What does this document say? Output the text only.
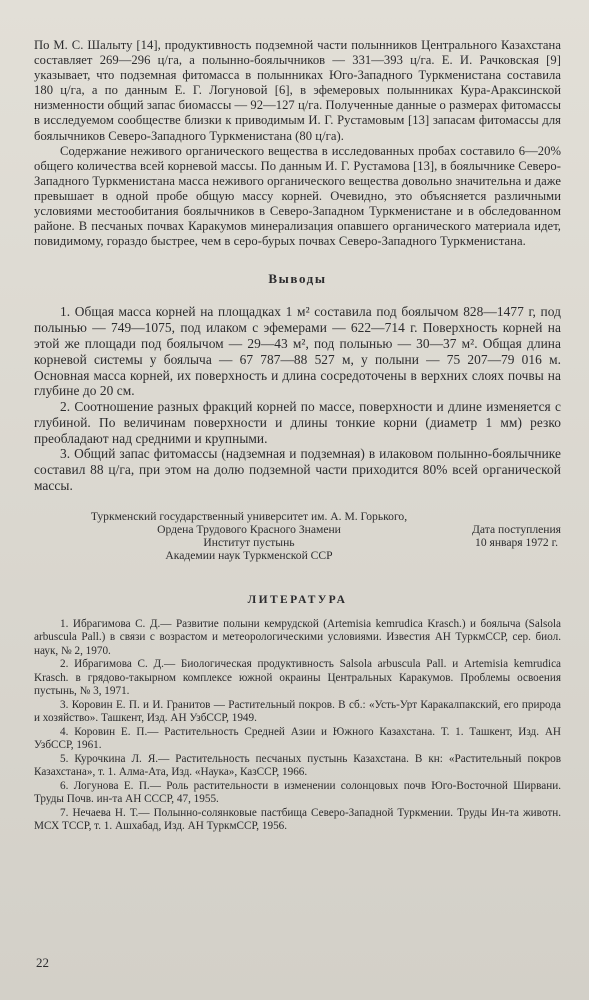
По М. С. Шалыту [14], продуктивность подземной части полынников Центрального Казахстана составляет 269—296 ц/га, а полынно-боялычников — 331—393 ц/га. Е. И. Рачковская [9] указывает, что подземная фитомасса в полынниках Юго-Западного Туркменистана составила 180 ц/га, а по данным Е. Г. Логуновой [6], в эфемеровых полынниках Кура-Араксинской низменности общий запас биомассы — 92—127 ц/га. Полученные данные о размерах фитомассы в исследуемом сообществе близки к приводимым И. Г. Рустамовым [13] запасам фитомассы для боялычников Северо-Западного Туркменистана (80 ц/га).

Содержание неживого органического вещества в исследованных пробах составило 6—20% общего количества всей корневой массы. По данным И. Г. Рустамова [13], в боялычнике Северо-Западного Туркменистана масса неживого органического вещества довольно значительна и даже превышает в одной пробе общую массу корней. Очевидно, это объясняется различными условиями местообитания боялычников в Северо-Западном Туркменистане и в обследованном районе. В песчаных почвах Каракумов минерализация опавшего органического материала идет, повидимому, гораздо быстрее, чем в серо-бурых почвах Северо-Западного Туркменистана.

Выводы

1. Общая масса корней на площадках 1 м² составила под боялычом 828—1477 г, под полынью — 749—1075, под илаком с эфемерами — 622—714 г. Поверхность корней на этой же площади под боялычом — 29—43 м², под полынью — 30—37 м². Общая длина корневой системы у боялыча — 67 787—88 527 м, у полыни — 75 207—79 016 м. Основная масса корней, их поверхность и длина сосредоточены в верхних слоях почвы на глубине до 20 см.

2. Соотношение разных фракций корней по массе, поверхности и длине изменяется с глубиной. По величинам поверхности и длины тонкие корни (диаметр 1 мм) резко преобладают над средними и крупными.

3. Общий запас фитомассы (надземная и подземная) в илаковом полынно-боялычнике составил 88 ц/га, при этом на долю подземной части приходится 80% всей органической массы.

Туркменский государственный университет им. А. М. Горького,
Ордена Трудового Красного Знамени
Институт пустынь
Академии наук Туркменской ССР
Дата поступления
10 января 1972 г.
ЛИТЕРАТУРА

1. Ибрагимова С. Д.— Развитие полыни кемрудской (Artemisia kemrudica Krasch.) и боялыча (Salsola arbuscula Pall.) в связи с возрастом и метеорологическими условиями. Известия АН ТуркмССР, сер. биол. наук, № 2, 1970.

2. Ибрагимова С. Д.— Биологическая продуктивность Salsola arbuscula Pall. и Artemisia kemrudica Krasch. в грядово-такырном комплексе южной окраины Центральных Каракумов. Проблемы освоения пустынь, № 3, 1971.

3. Коровин Е. П. и И. Гранитов — Растительный покров. В сб.: «Усть-Урт Каракалпакский, его природа и хозяйство». Ташкент, Изд. АН УзбССР, 1949.

4. Коровин Е. П.— Растительность Средней Азии и Южного Казахстана. Т. 1. Ташкент, Изд. АН УзбССР, 1961.

5. Курочкина Л. Я.— Растительность песчаных пустынь Казахстана. В кн: «Растительный покров Казахстана», т. 1. Алма-Ата, Изд. «Наука», КазССР, 1966.

6. Логунова Е. П.— Роль растительности в изменении солонцовых почв Юго-Восточной Ширвани. Труды Почв. ин-та АН СССР, 47, 1955.

7. Нечаева Н. Т.— Полынно-солянковые пастбища Северо-Западной Туркмении. Труды Ин-та животн. МСХ ТССР, т. 1. Ашхабад, Изд. АН ТуркмССР, 1956.

22
